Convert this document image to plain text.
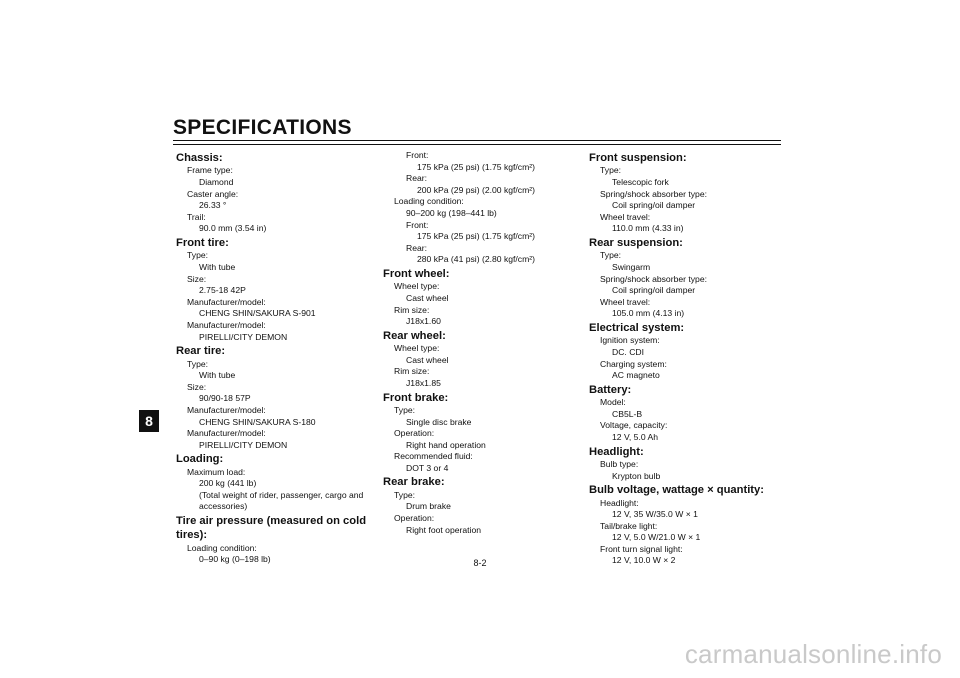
SPECIFICATIONS
8
Chassis:
Frame type:
Diamond
Caster angle:
26.33 °
Trail:
90.0 mm (3.54 in)
Front tire:
Type:
With tube
Size:
2.75-18 42P
Manufacturer/model:
CHENG SHIN/SAKURA S-901
Manufacturer/model:
PIRELLI/CITY DEMON
Rear tire:
Type:
With tube
Size:
90/90-18 57P
Manufacturer/model:
CHENG SHIN/SAKURA S-180
Manufacturer/model:
PIRELLI/CITY DEMON
Loading:
Maximum load:
200 kg (441 lb)
(Total weight of rider, passenger, cargo and
accessories)
Tire air pressure (measured on cold tires):
Loading condition:
0–90 kg (0–198 lb)
Front:
175 kPa (25 psi) (1.75 kgf/cm²)
Rear:
200 kPa (29 psi) (2.00 kgf/cm²)
Loading condition:
90–200 kg (198–441 lb)
Front:
175 kPa (25 psi) (1.75 kgf/cm²)
Rear:
280 kPa (41 psi) (2.80 kgf/cm²)
Front wheel:
Wheel type:
Cast wheel
Rim size:
J18x1.60
Rear wheel:
Wheel type:
Cast wheel
Rim size:
J18x1.85
Front brake:
Type:
Single disc brake
Operation:
Right hand operation
Recommended fluid:
DOT 3 or 4
Rear brake:
Type:
Drum brake
Operation:
Right foot operation
Front suspension:
Type:
Telescopic fork
Spring/shock absorber type:
Coil spring/oil damper
Wheel travel:
110.0 mm (4.33 in)
Rear suspension:
Type:
Swingarm
Spring/shock absorber type:
Coil spring/oil damper
Wheel travel:
105.0 mm (4.13 in)
Electrical system:
Ignition system:
DC. CDI
Charging system:
AC magneto
Battery:
Model:
CB5L-B
Voltage, capacity:
12 V, 5.0 Ah
Headlight:
Bulb type:
Krypton bulb
Bulb voltage, wattage × quantity:
Headlight:
12 V, 35 W/35.0 W × 1
Tail/brake light:
12 V, 5.0 W/21.0 W × 1
Front turn signal light:
12 V, 10.0 W × 2
8-2
carmanualsonline.info
